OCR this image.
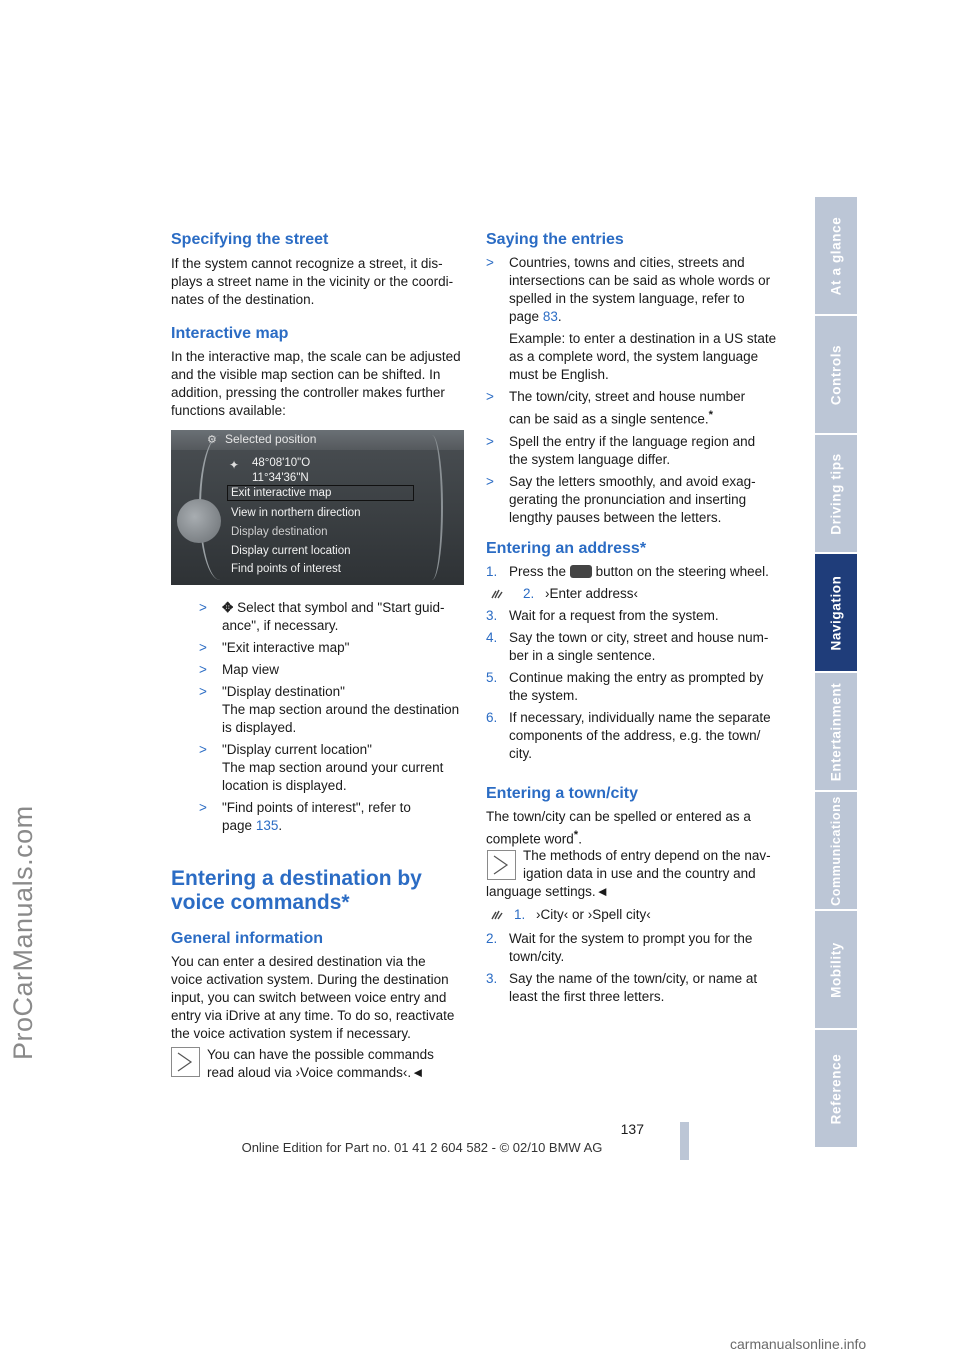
ProCarManuals.com
At a glance
Controls
Driving tips
Navigation
Entertainment
Communications
Mobility
Reference
Specifying the street
If the system cannot recognize a street, it dis-
plays a street name in the vicinity or the coordi-
nates of the destination.
Interactive map
In the interactive map, the scale can be adjusted
and the visible map section can be shifted. In
addition, pressing the controller makes further
functions available:
⚙ Selected position
✦ 48°08'10"O
11°34'36"N
Exit interactive map
View in northern direction
Display destination
Display current location
Find points of interest
>	✥ Select that symbol and "Start guid-
ance", if necessary.
>	"Exit interactive map"
>	Map view
>	"Display destination"
The map section around the destination
is displayed.
>	"Display current location"
The map section around your current
location is displayed.
>	"Find points of interest", refer to
page 135.
Entering a destination by
voice commands*
General information
You can enter a desired destination via the
voice activation system. During the destination
input, you can switch between voice entry and
entry via iDrive at any time. To do so, reactivate
the voice activation system if necessary.
You can have the possible commands
read aloud via ›Voice commands‹.◄
Saying the entries
>	Countries, towns and cities, streets and
intersections can be said as whole words or
spelled in the system language, refer to
page 83.
Example: to enter a destination in a US state
as a complete word, the system language
must be English.
>	The town/city, street and house number
can be said as a single sentence.*
>	Spell the entry if the language region and
the system language differ.
>	Say the letters smoothly, and avoid exag-
gerating the pronunciation and inserting
lengthy pauses between the letters.
Entering an address*
1. Press the button on the steering wheel.
2. ›Enter address‹
3. Wait for a request from the system.
4. Say the town or city, street and house num-
ber in a single sentence.
5. Continue making the entry as prompted by
the system.
6. If necessary, individually name the separate
components of the address, e.g. the town/
city.
Entering a town/city
The town/city can be spelled or entered as a
complete word*.
The methods of entry depend on the nav-
igation data in use and the country and
language settings.◄
1. ›City‹ or ›Spell city‹
2. Wait for the system to prompt you for the
town/city.
3. Say the name of the town/city, or name at
least the first three letters.
137
Online Edition for Part no. 01 41 2 604 582 - © 02/10 BMW AG
carmanualsonline.info
